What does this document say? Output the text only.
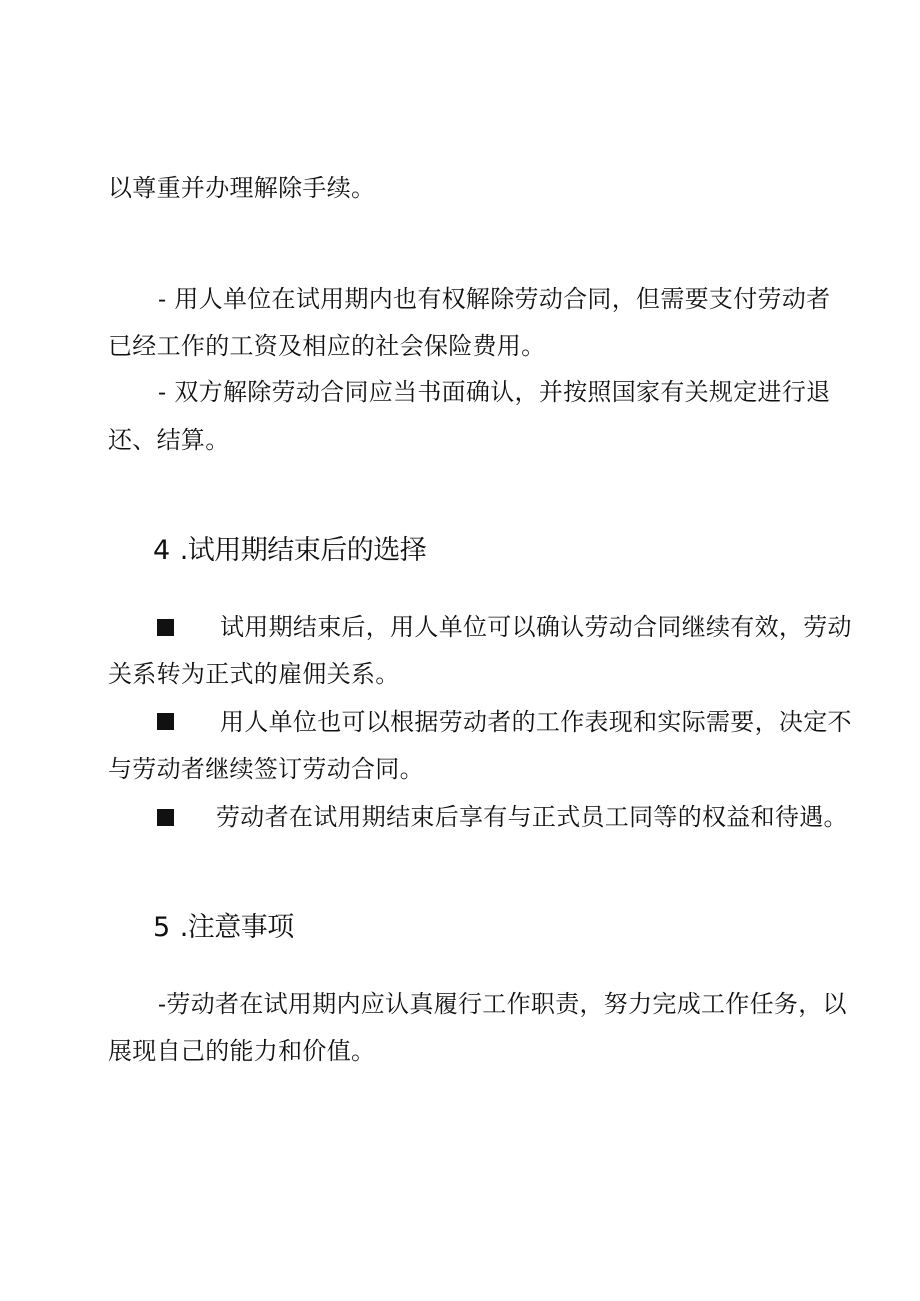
以尊重并办理解除手续。
- 用人单位在试用期内也有权解除劳动合同，但需要支付劳动者
已经工作的工资及相应的社会保险费用。
- 双方解除劳动合同应当书面确认，并按照国家有关规定进行退
还、结算。
4 .试用期结束后的选择
试用期结束后，用人单位可以确认劳动合同继续有效，劳动
关系转为正式的雇佣关系。
用人单位也可以根据劳动者的工作表现和实际需要，决定不
与劳动者继续签订劳动合同。
劳动者在试用期结束后享有与正式员工同等的权益和待遇。
5 .注意事项
-劳动者在试用期内应认真履行工作职责，努力完成工作任务，以
展现自己的能力和价值。
